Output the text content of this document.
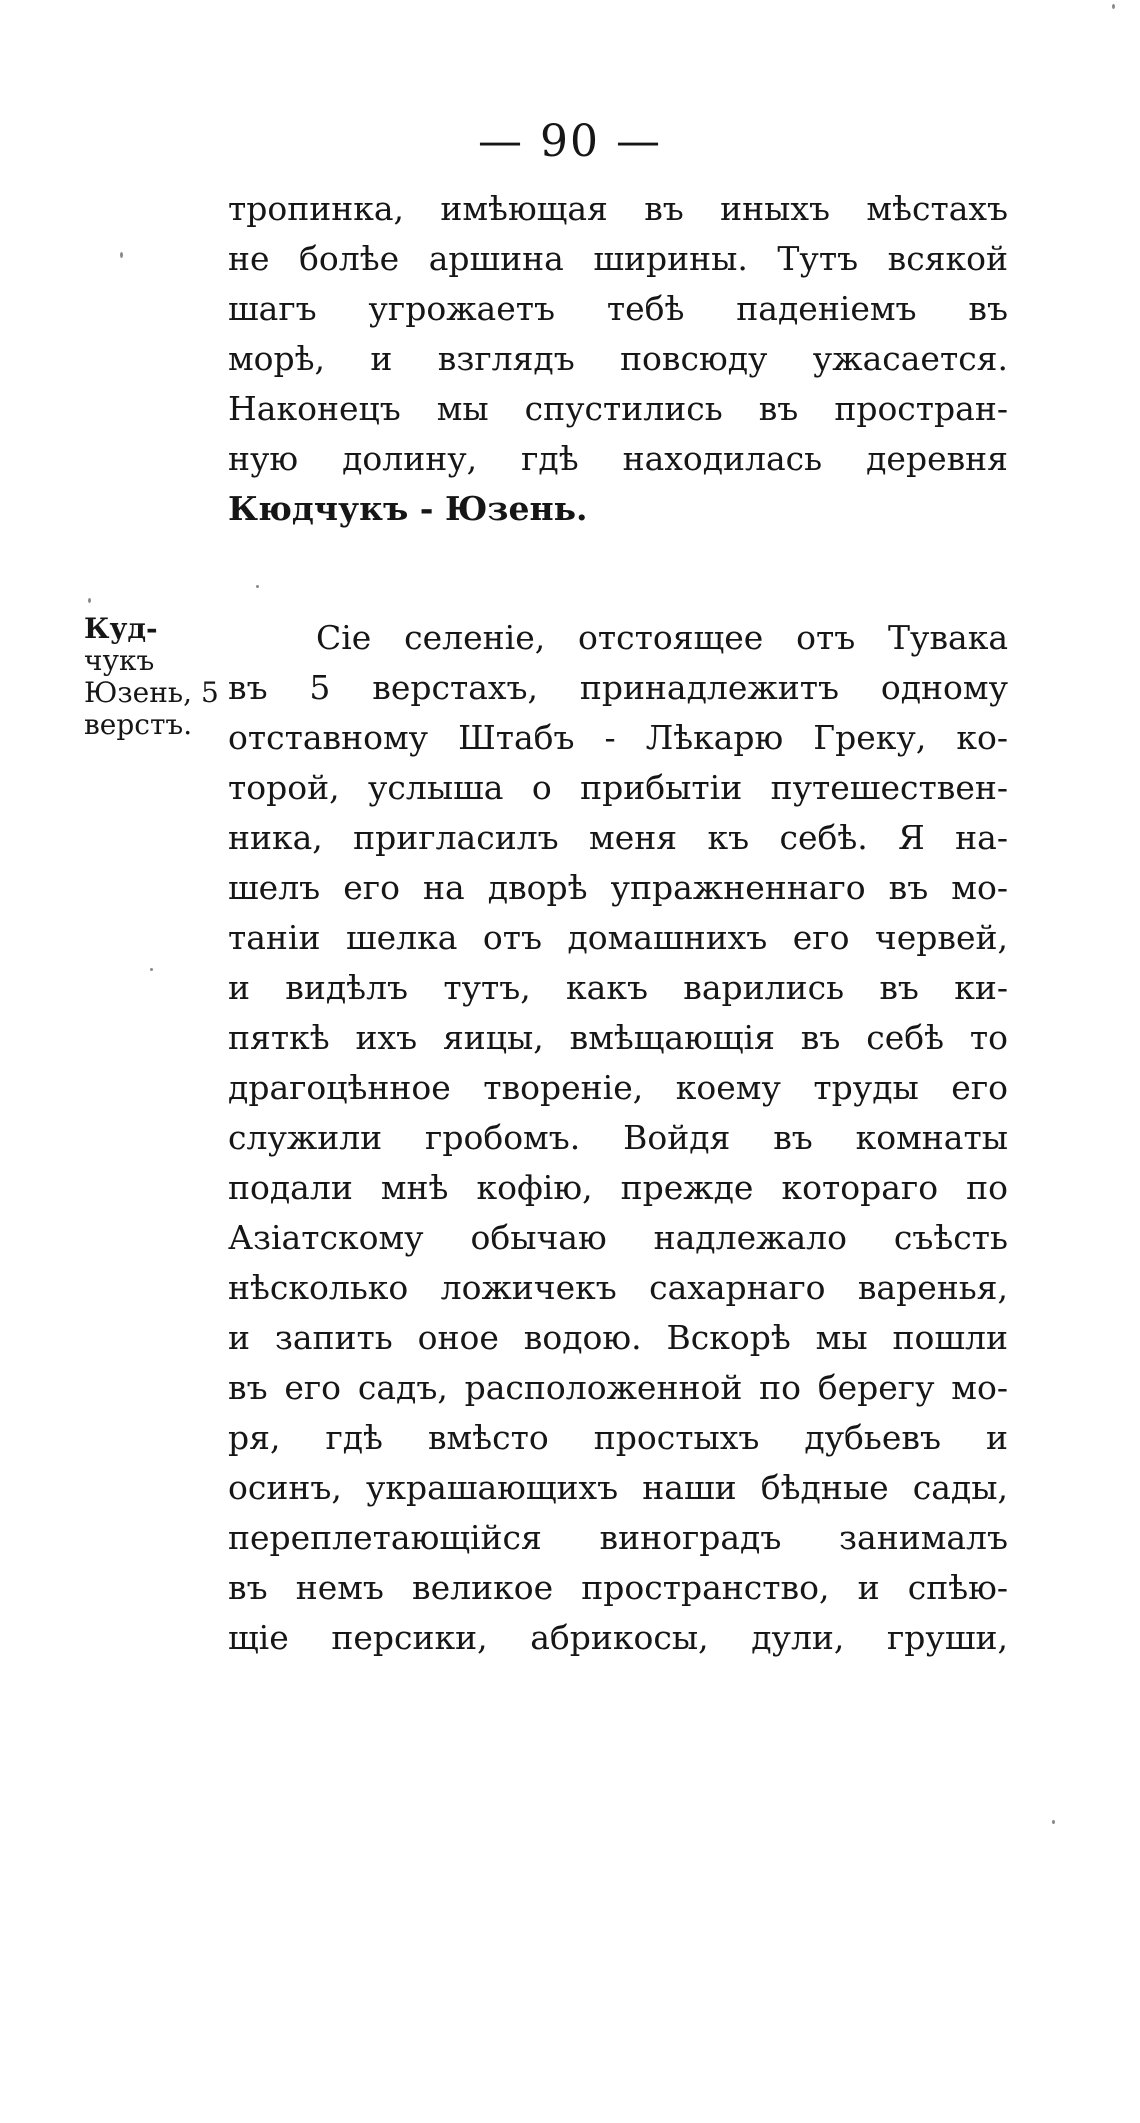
— 90 —
тропинка, имѣющая въ иныхъ мѣстахъ
не болѣе аршина ширины. Тутъ всякой
шагъ угрожаетъ тебѣ паденiемъ въ
морѣ, и взглядъ повсюду ужасается.
Наконецъ мы спустились въ простран-
ную долину, гдѣ находилась деревня
Кюдчукъ - Юзень.
Куд-
чукъ
Юзень, 5
верстъ.
Сiе селенiе, отстоящее отъ Тувака
въ 5 верстахъ, принадлежитъ одному
отставному Штабъ - Лѣкарю Греку, ко-
торой, услыша о прибытiи путешествен-
ника, пригласилъ меня къ себѣ. Я на-
шелъ его на дворѣ упражненнаго въ мо-
танiи шелка отъ домашнихъ его червей,
и видѣлъ тутъ, какъ варились въ ки-
пяткѣ ихъ яицы, вмѣщающiя въ себѣ то
драгоцѣнное творенiе, коему труды его
служили гробомъ. Войдя въ комнаты
подали мнѣ кофiю, прежде котораго по
Азiатскому обычаю надлежало съѣсть
нѣсколько ложичекъ сахарнаго варенья,
и запить оное водою. Вскорѣ мы пошли
въ его садъ, расположенной по берегу мо-
ря, гдѣ вмѣсто простыхъ дубьевъ и
осинъ, украшающихъ наши бѣдные сады,
переплетающiйся виноградъ занималъ
въ немъ великое пространство, и спѣю-
щiе персики, абрикосы, дули, груши,
